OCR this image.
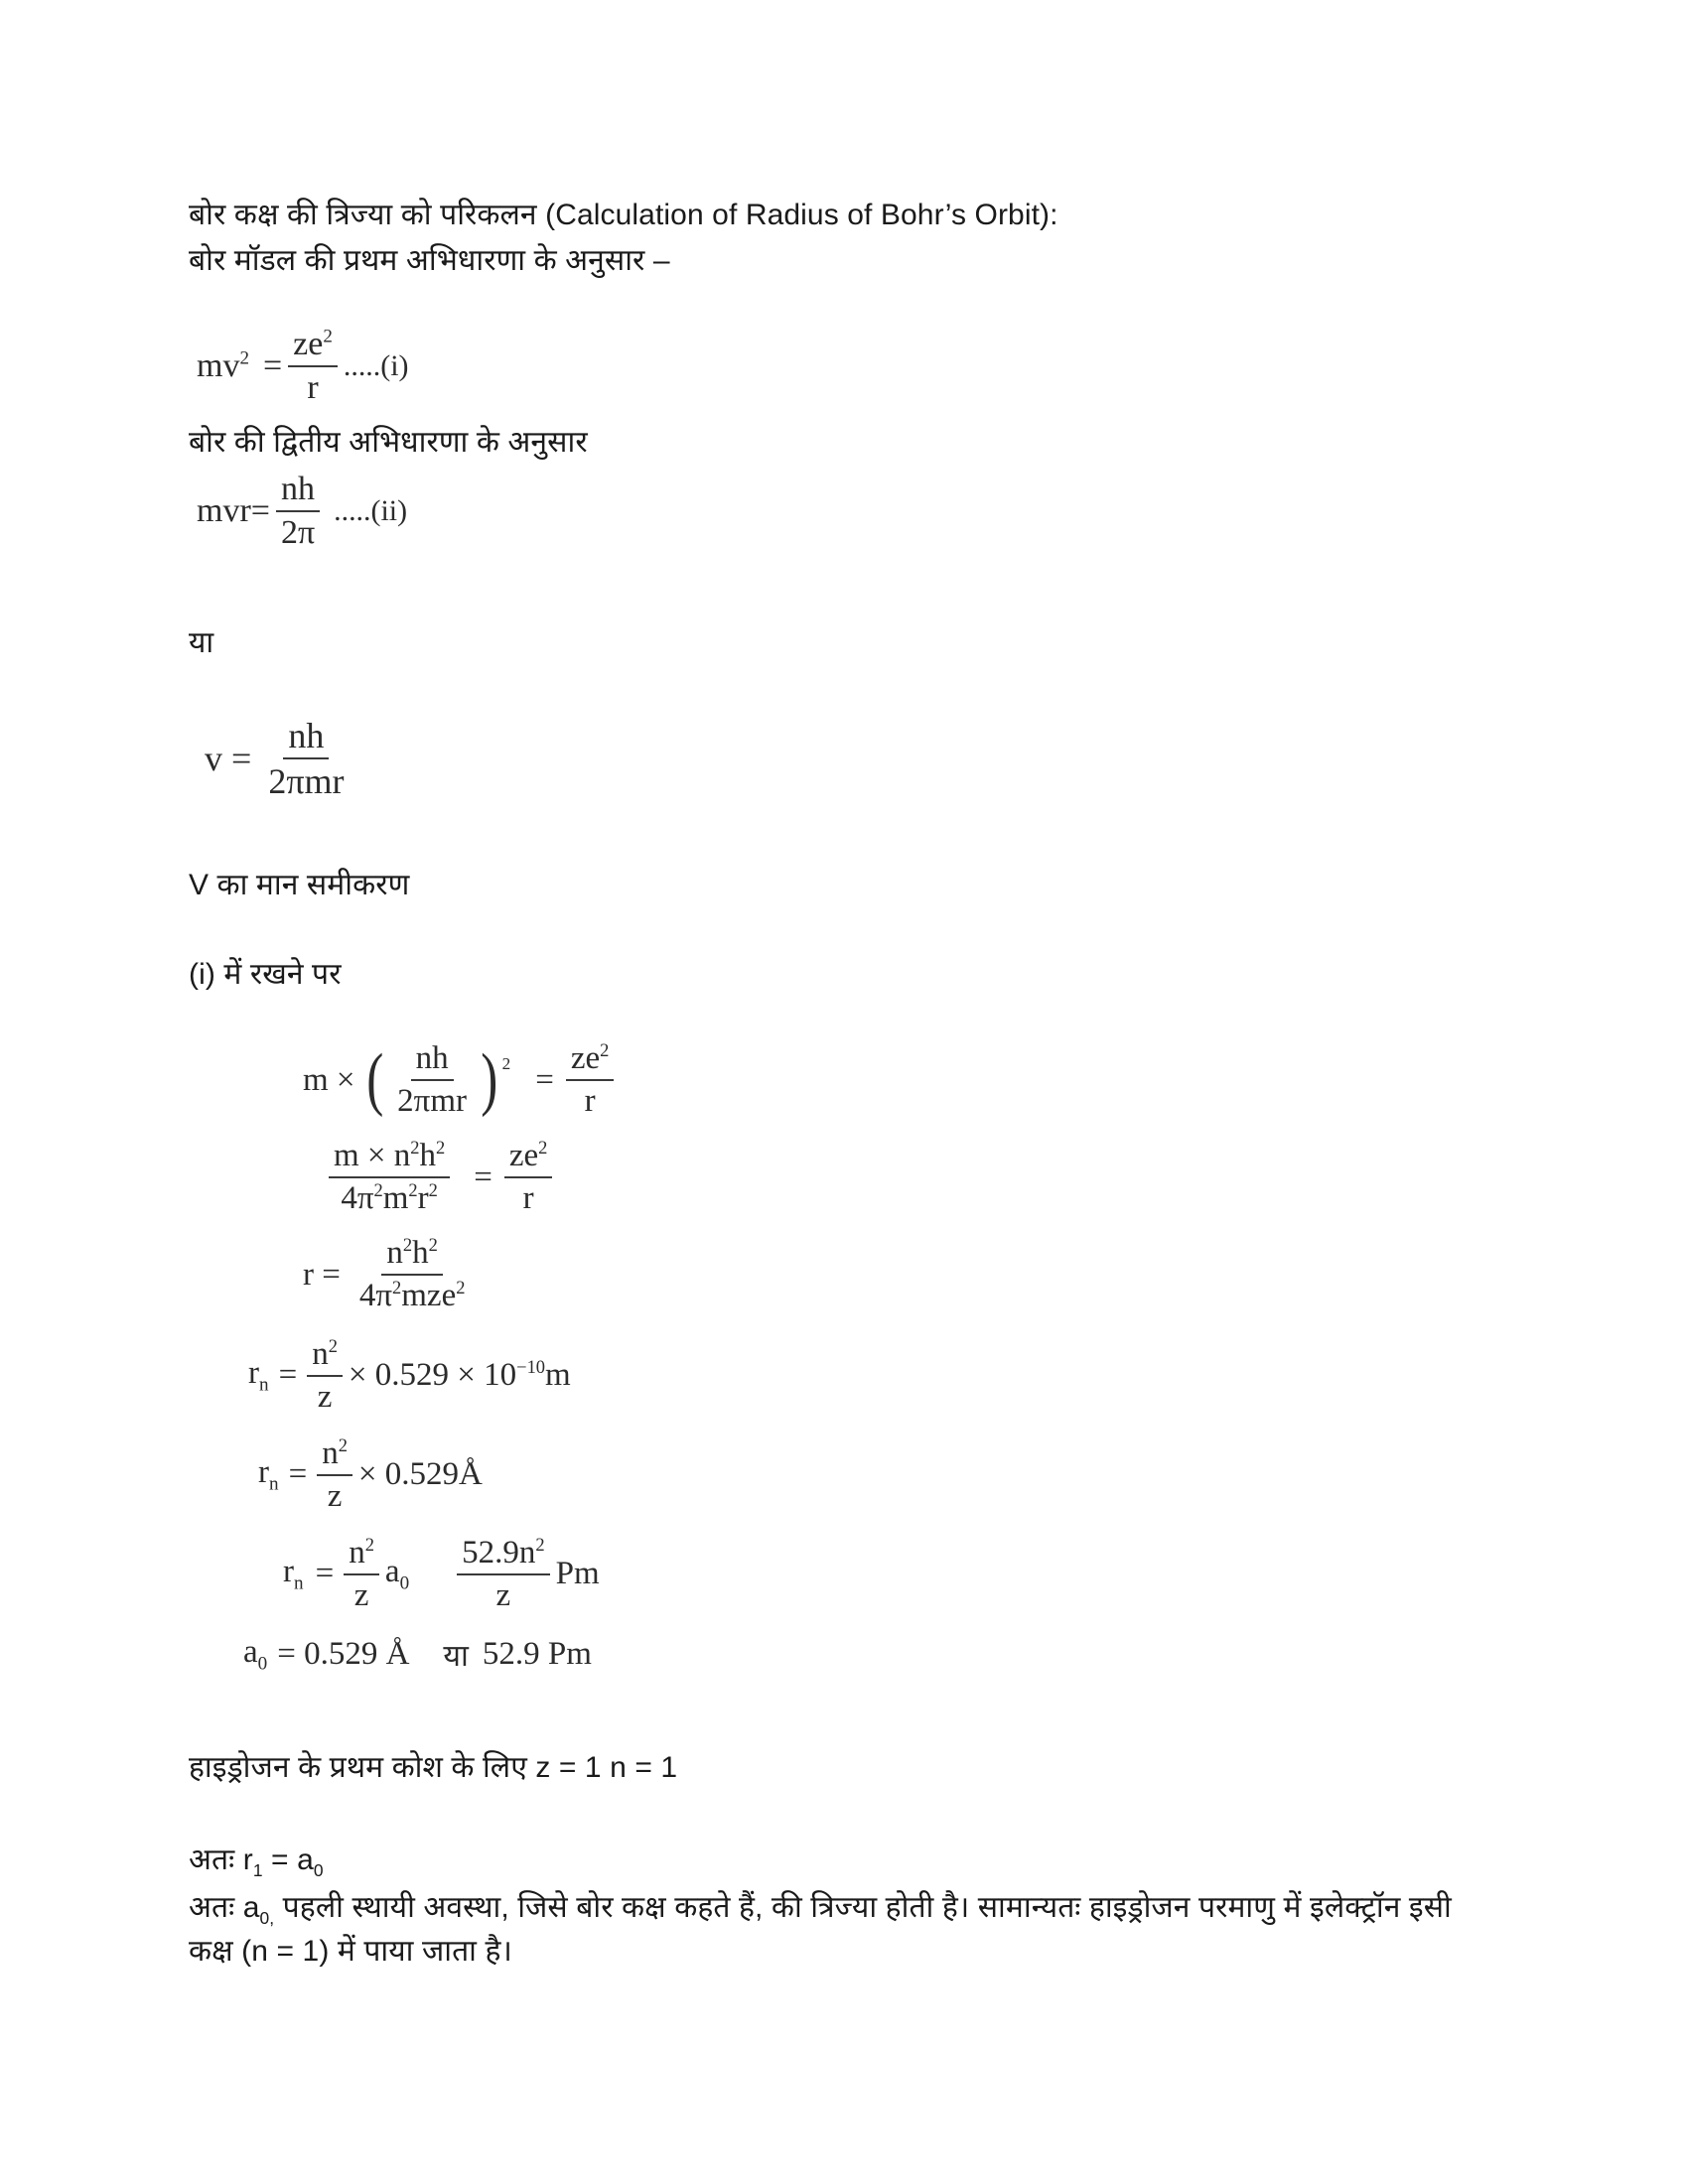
बोर कक्ष की त्रिज्या को परिकलन (Calculation of Radius of Bohr’s Orbit):
बोर मॉडल की प्रथम अभिधारणा के अनुसार –
$mv^2 = \frac{ze^2}{r} .....(i)$
बोर की द्वितीय अभिधारणा के अनुसार
$mvr= \frac{nh}{2\pi} .....(ii)$
या
$v = \frac{nh}{\text{2πmr}}$
V का मान समीकरण
(i) में रखने पर
m × ( $\frac{nh}{\text{2πmr}}$ ) $2 = \frac{ze^2}{r}$
$\frac{m \times n^2h^2}{4\pi^2m^2r^2} = \frac{ze^2}{r}$
$r = \frac{n^2h^2}{4\pi^2mze^2}$
$r_n = \frac{n^2}{z} \times 0.529 \times 10^{-10}m$
$r_n = \frac{n^2}{z}$ × 0.529Å
$r_n = \frac{n^2}{z} a_0 \frac{52.9n^2}{z}$ Pm
$a_0 = 0.529$ Å या 52.9 Pm
हाइड्रोजन के प्रथम कोश के लिए z = 1 n = 1
अतः $r_1 = a_0$
अतः $a_{0,}$ पहली स्थायी अवस्था, जिसे बोर कक्ष कहते हैं, की त्रिज्या होती है। सामान्यतः हाइड्रोजन परमाणु में इलेक्ट्रॉन इसी कक्ष (n = 1) में पाया जाता है।
